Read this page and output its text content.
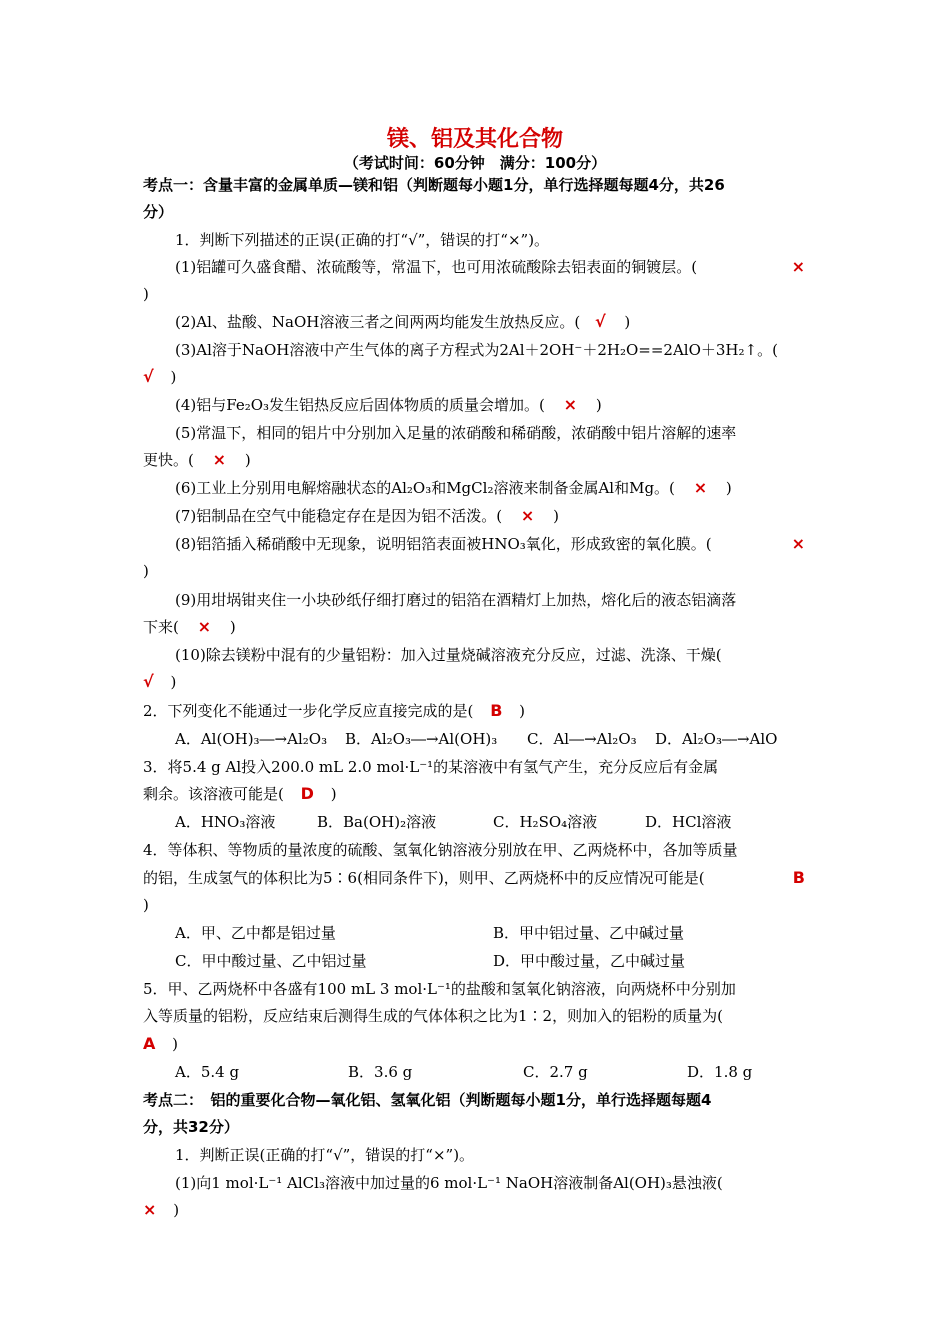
镁、铝及其化合物
（考试时间：60分钟　满分：100分）
考点一：含量丰富的金属单质—镁和铝（判断题每小题1分，单行选择题每题4分，共26
分）
1．判断下列描述的正误(正确的打“√”，错误的打“×”)。
(1)铝罐可久盛食醋、浓硫酸等，常温下，也可用浓硫酸除去铝表面的铜镀层。(	×
)
(2)Al、盐酸、NaOH溶液三者之间两两均能发生放热反应。( √ )
(3)Al溶于NaOH溶液中产生气体的离子方程式为2Al＋2OH⁻＋2H₂O==2AlO＋3H₂↑。(
√ )
(4)铝与Fe₂O₃发生铝热反应后固体物质的质量会增加。( × )
(5)常温下，相同的铝片中分别加入足量的浓硝酸和稀硝酸，浓硝酸中铝片溶解的速率
更快。( × )
(6)工业上分别用电解熔融状态的Al₂O₃和MgCl₂溶液来制备金属Al和Mg。( × )
(7)铝制品在空气中能稳定存在是因为铝不活泼。( × )
(8)铝箔插入稀硝酸中无现象，说明铝箔表面被HNO₃氧化，形成致密的氧化膜。(	×
)
(9)用坩埚钳夹住一小块砂纸仔细打磨过的铝箔在酒精灯上加热，熔化后的液态铝滴落
下来( × )
(10)除去镁粉中混有的少量铝粉：加入过量烧碱溶液充分反应，过滤、洗涤、干燥(
√ )
2．下列变化不能通过一步化学反应直接完成的是( B )
A．Al(OH)₃―→Al₂O₃ B．Al₂O₃―→Al(OH)₃ C．Al―→Al₂O₃ D．Al₂O₃―→AlO
3．将5.4 g Al投入200.0 mL 2.0 mol·L⁻¹的某溶液中有氢气产生，充分反应后有金属
剩余。该溶液可能是( D )
A．HNO₃溶液	B．Ba(OH)₂溶液	C．H₂SO₄溶液	D．HCl溶液
4．等体积、等物质的量浓度的硫酸、氢氧化钠溶液分别放在甲、乙两烧杯中，各加等质量
的铝，生成氢气的体积比为5∶6(相同条件下)，则甲、乙两烧杯中的反应情况可能是(	B
)
A．甲、乙中都是铝过量	B．甲中铝过量、乙中碱过量
C．甲中酸过量、乙中铝过量	D．甲中酸过量，乙中碱过量
5．甲、乙两烧杯中各盛有100 mL 3 mol·L⁻¹的盐酸和氢氧化钠溶液，向两烧杯中分别加
入等质量的铝粉，反应结束后测得生成的气体体积之比为1∶2，则加入的铝粉的质量为(
A )
A．5.4 g	B．3.6 g	C．2.7 g	D．1.8 g
考点二：　铝的重要化合物—氧化铝、氢氧化铝（判断题每小题1分，单行选择题每题4
分，共32分）
1．判断正误(正确的打“√”，错误的打“×”)。
(1)向1 mol·L⁻¹ AlCl₃溶液中加过量的6 mol·L⁻¹ NaOH溶液制备Al(OH)₃悬浊液(
× )
